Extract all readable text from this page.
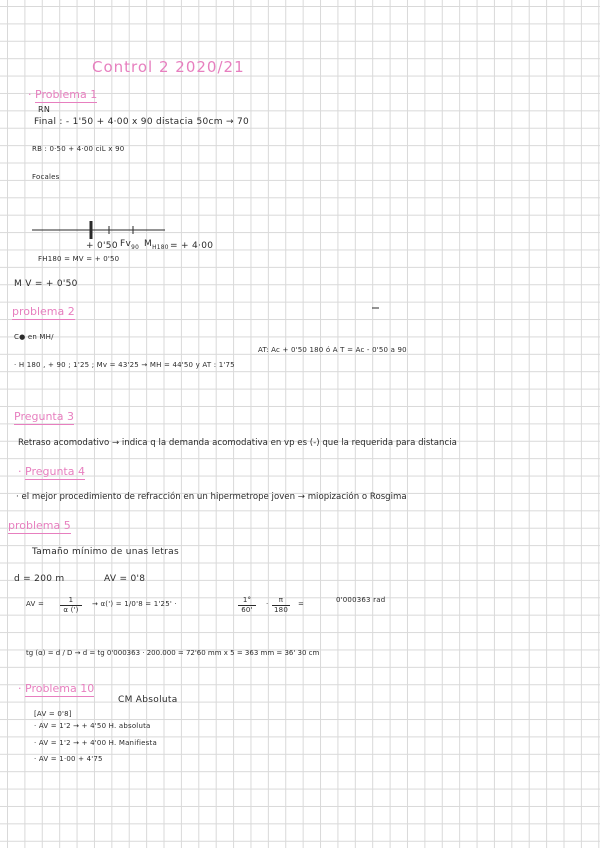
Control 2 2020/21
· Problema 1
RN
Final : - 1'50 + 4·00 x 90 distacia 50cm → 70
RB : 0·50 + 4·00 ciL x 90
Focales
+ 0'50 $Fv_{90}$ $M_{H180}$ = + 4·00
FH180 = MV = + 0'50
M V = + 0'50
problema 2
C● en MH/
AT: Ac + 0'50 180 ó A T = Ac - 0'50 a 90
· H 180 , + 90 ; 1'25 ; Mv = 43'25 → MH = 44'50 y AT : 1'75
Pregunta 3
Retraso acomodativo → indica q la demanda acomodativa en vp es (-) que la requerida para distancia
· Pregunta 4
· el mejor procedimiento de refracción en un hipermetrope joven → miopización o Rosgima
problema 5
Tamaño mínimo de unas letras
d = 200 m	AV = 0'8
AV = $\frac{1}{\alpha (')} \to \alpha(') = 1/0'8 = 1'25'$ ·	$\frac{1^\circ}{60'} \cdot \frac{\pi}{180}$ =	0'000363 rad
tg (α) = d / D → d = tg 0'000363 · 200.000 = 72'60 mm x 5 = 363 mm = 36' 30 cm
· Problema 10
CM Absoluta
[AV = 0'8]
· AV = 1'2 → + 4'50 H. absoluta
· AV = 1'2 → + 4'00 H. Manifiesta
· AV = 1·00 + 4'75
